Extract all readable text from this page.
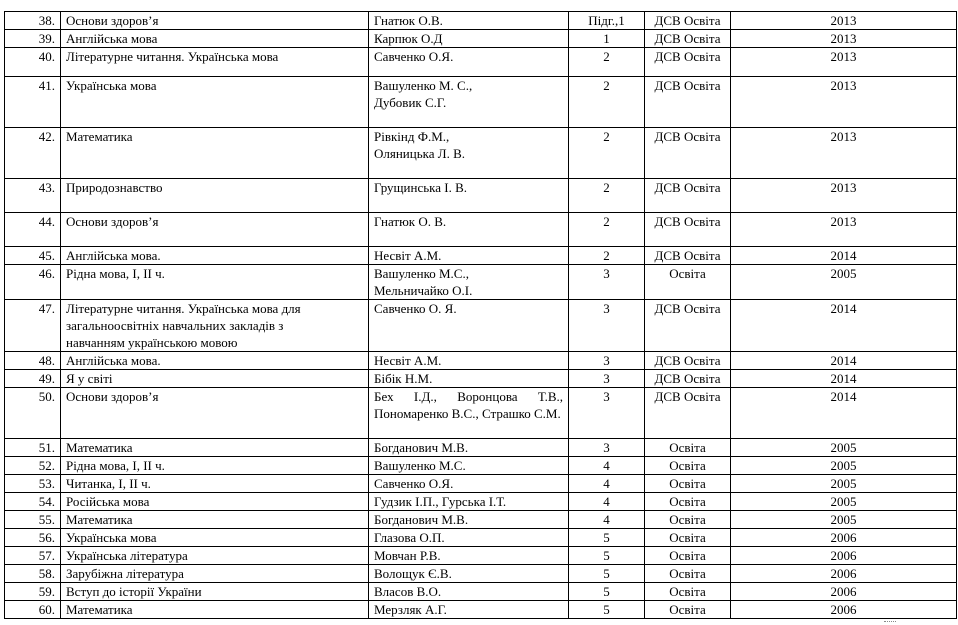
38.	Основи здоров’я	Гнатюк О.В.	Підг.,1	ДСВ Освіта	2013
39.	Англійська мова	Карпюк О.Д	1	ДСВ Освіта	2013
40.	Літературне читання. Українська мова	Савченко О.Я.	2	ДСВ Освіта	2013
41.	Українська мова	Вашуленко М. С.,
Дубовик С.Г.	2	ДСВ Освіта	2013
42.	Математика	Рівкінд Ф.М.,
Оляницька Л. В.	2	ДСВ Освіта	2013
43.	Природознавство	Грущинська І. В.	2	ДСВ Освіта	2013
44.	Основи здоров’я	Гнатюк О. В.	2	ДСВ Освіта	2013
45.	Англійська мова.	Несвіт А.М.	2	ДСВ Освіта	2014
46.	Рідна мова, І, ІІ ч.	Вашуленко М.С.,
Мельничайко О.І.	3	Освіта	2005
47.	Літературне читання. Українська мова для
загальноосвітніх навчальних закладів з
навчанням українською мовою	Савченко О. Я.	3	ДСВ Освіта	2014
48.	Англійська мова.	Несвіт А.М.	3	ДСВ Освіта	2014
49.	Я у світі	Бібік Н.М.	3	ДСВ Освіта	2014
50.	Основи здоров’я	Бех І.Д., Воронцова Т.В., Пономаренко В.С., Страшко С.М.	3	ДСВ Освіта	2014
51.	Математика	Богданович М.В.	3	Освіта	2005
52.	Рідна мова, І, ІІ ч.	Вашуленко М.С.	4	Освіта	2005
53.	Читанка, І, ІІ ч.	Савченко О.Я.	4	Освіта	2005
54.	Російська мова	Гудзик І.П., Гурська І.Т.	4	Освіта	2005
55.	Математика	Богданович М.В.	4	Освіта	2005
56.	Українська мова	Глазова О.П.	5	Освіта	2006
57.	Українська література	Мовчан Р.В.	5	Освіта	2006
58.	Зарубіжна література	Волощук Є.В.	5	Освіта	2006
59.	Вступ до історії України	Власов В.О.	5	Освіта	2006
60.	Математика	Мерзляк А.Г.	5	Освіта	2006
